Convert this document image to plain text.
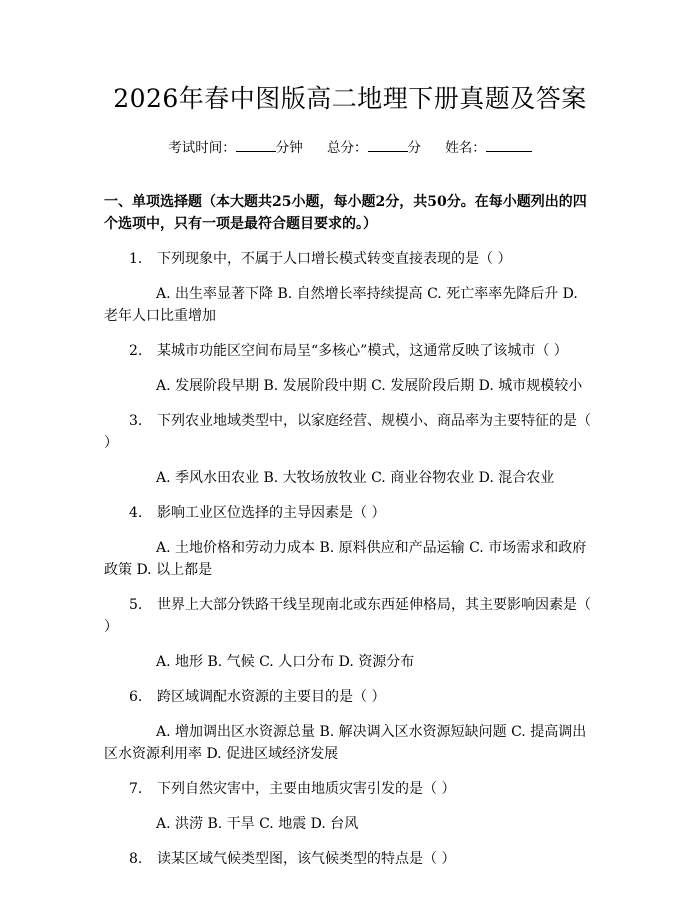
2026年春中图版高二地理下册真题及答案
考试时间：	分钟 总分：	分 姓名：
一、单项选择题（本大题共25小题，每小题2分，共50分。在每小题列出的四个选项中，只有一项是最符合题目要求的。）
1. 下列现象中，不属于人口增长模式转变直接表现的是（ ）
A. 出生率显著下降 B. 自然增长率持续提高 C. 死亡率率先降后升 D. 老年人口比重增加
2. 某城市功能区空间布局呈“多核心”模式，这通常反映了该城市（ ）
A. 发展阶段早期 B. 发展阶段中期 C. 发展阶段后期 D. 城市规模较小
3. 下列农业地域类型中，以家庭经营、规模小、商品率为主要特征的是（ ）
A. 季风水田农业 B. 大牧场放牧业 C. 商业谷物农业 D. 混合农业
4. 影响工业区位选择的主导因素是（ ）
A. 土地价格和劳动力成本 B. 原料供应和产品运输 C. 市场需求和政府政策 D. 以上都是
5. 世界上大部分铁路干线呈现南北或东西延伸格局，其主要影响因素是（ ）
A. 地形 B. 气候 C. 人口分布 D. 资源分布
6. 跨区域调配水资源的主要目的是（ ）
A. 增加调出区水资源总量 B. 解决调入区水资源短缺问题 C. 提高调出区水资源利用率 D. 促进区域经济发展
7. 下列自然灾害中，主要由地质灾害引发的是（ ）
A. 洪涝 B. 干旱 C. 地震 D. 台风
8. 读某区域气候类型图，该气候类型的特点是（ ）
